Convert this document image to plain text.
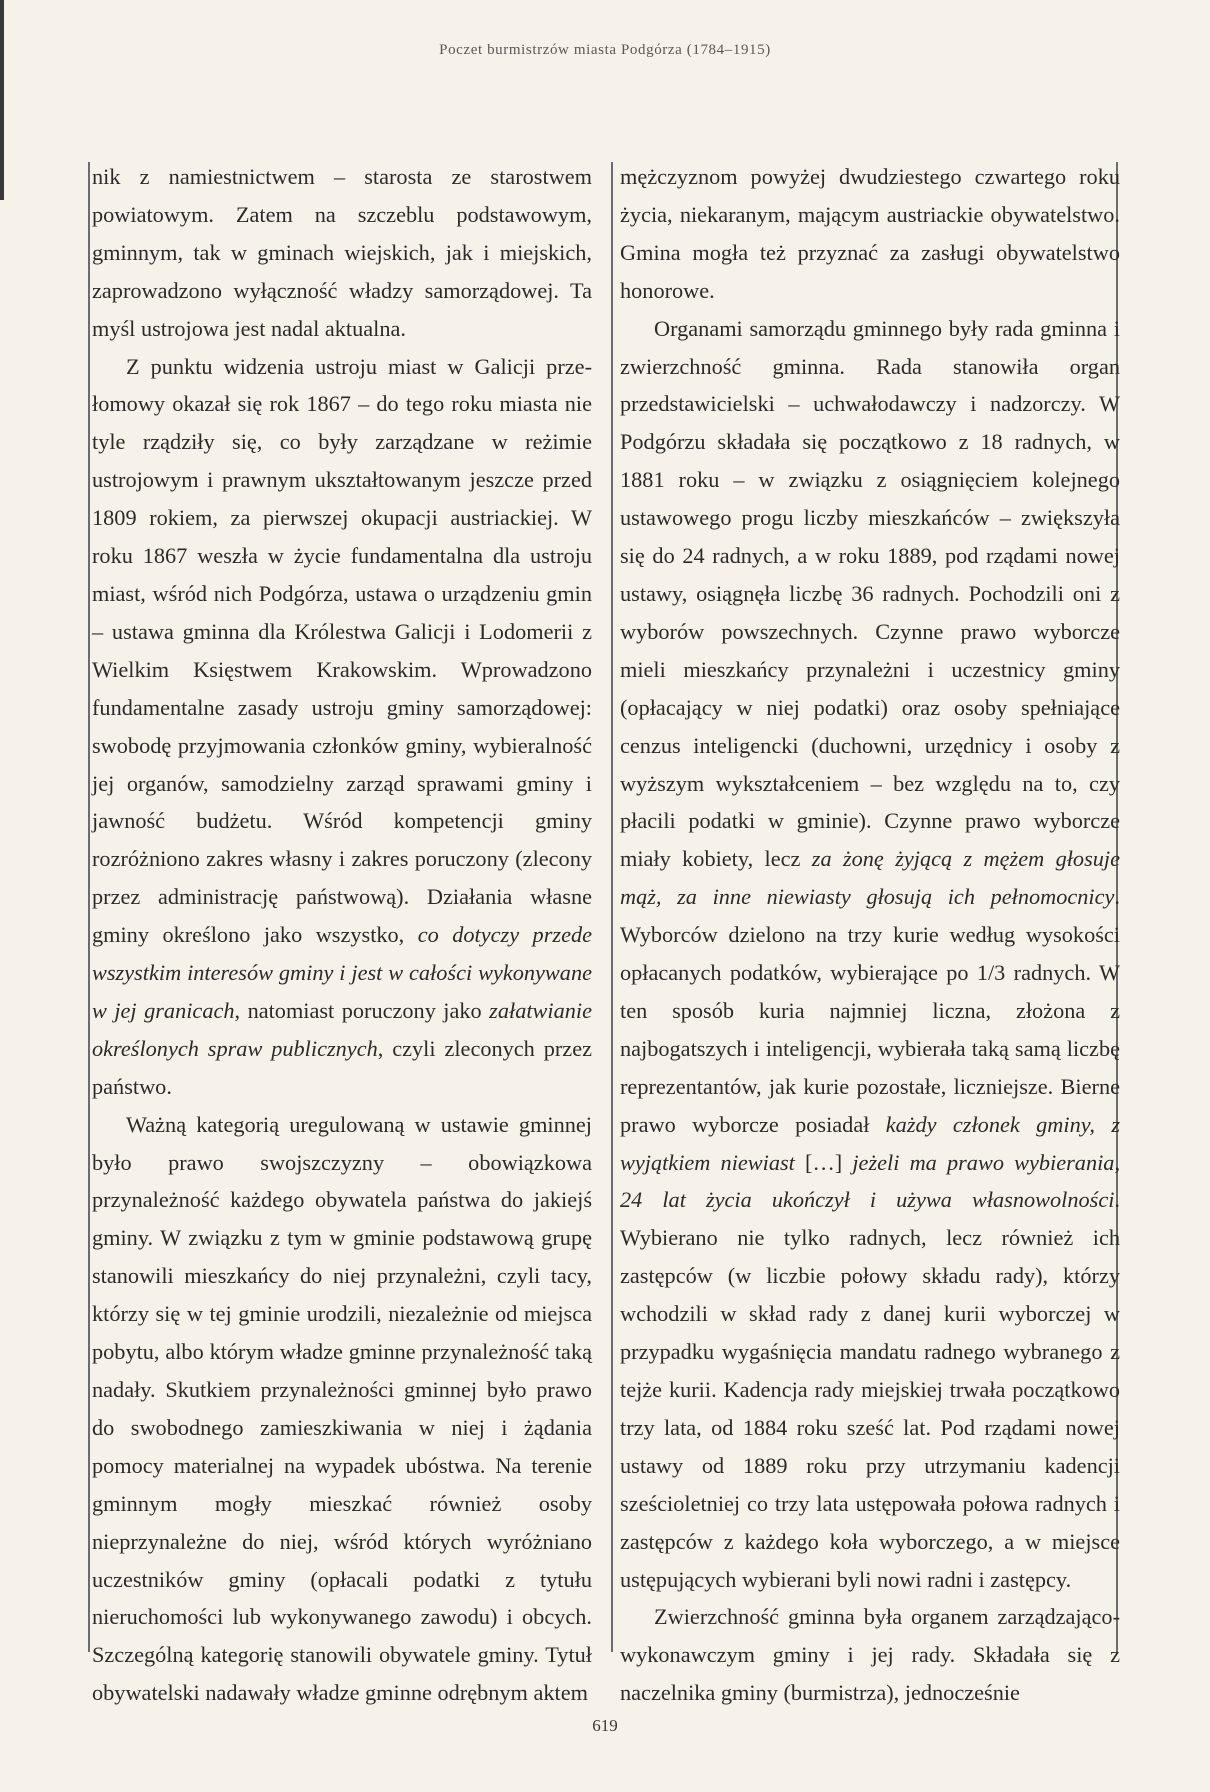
Poczet burmistrzów miasta Podgórza (1784–1915)

nik z namiestnictwem – starosta ze starostwem powiatowym. Zatem na szczeblu podstawowym, gminnym, tak w gminach wiejskich, jak i miejskich, zaprowadzono wyłączność władzy samorządowej. Ta myśl ustrojowa jest nadal aktualna.

Z punktu widzenia ustroju miast w Galicji przełomowy okazał się rok 1867 – do tego roku miasta nie tyle rządziły się, co były zarządzane w reżimie ustrojowym i prawnym ukształtowanym jeszcze przed 1809 rokiem, za pierwszej okupacji austriackiej. W roku 1867 weszła w życie fundamentalna dla ustroju miast, wśród nich Podgórza, ustawa o urządzeniu gmin – ustawa gminna dla Królestwa Galicji i Lodomerii z Wielkim Księstwem Krakowskim. Wprowadzono fundamentalne zasady ustroju gminy samorządowej: swobodę przyjmowania członków gminy, wybieralność jej organów, samodzielny zarząd sprawami gminy i jawność budżetu. Wśród kompetencji gminy rozróżniono zakres własny i zakres poruczony (zlecony przez administrację państwową). Działania własne gminy określono jako wszystko, co dotyczy przede wszystkim interesów gminy i jest w całości wykonywane w jej granicach, natomiast poruczony jako załatwianie określonych spraw publicznych, czyli zleconych przez państwo.

Ważną kategorią uregulowaną w ustawie gminnej było prawo swojszczyzny – obowiązkowa przynależność każdego obywatela państwa do jakiejś gminy. W związku z tym w gminie podstawową grupę stanowili mieszkańcy do niej przynależni, czyli tacy, którzy się w tej gminie urodzili, niezależnie od miejsca pobytu, albo którym władze gminne przynależność taką nadały. Skutkiem przynależności gminnej było prawo do swobodnego zamieszkiwania w niej i żądania pomocy materialnej na wypadek ubóstwa. Na terenie gminnym mogły mieszkać również osoby nieprzynależne do niej, wśród których wyróżniano uczestników gminy (opłacali podatki z tytułu nieruchomości lub wykonywanego zawodu) i obcych. Szczególną kategorię stanowili obywatele gminy. Tytuł obywatelski nadawały władze gminne odrębnym aktem

mężczyznom powyżej dwudziestego czwartego roku życia, niekaranym, mającym austriackie obywatelstwo. Gmina mogła też przyznać za zasługi obywatelstwo honorowe.

Organami samorządu gminnego były rada gminna i zwierzchność gminna. Rada stanowiła organ przedstawicielski – uchwałodawczy i nadzorczy. W Podgórzu składała się początkowo z 18 radnych, w 1881 roku – w związku z osiągnięciem kolejnego ustawowego progu liczby mieszkańców – zwiększyła się do 24 radnych, a w roku 1889, pod rządami nowej ustawy, osiągnęła liczbę 36 radnych. Pochodzili oni z wyborów powszechnych. Czynne prawo wyborcze mieli mieszkańcy przynależni i uczestnicy gminy (opłacający w niej podatki) oraz osoby spełniające cenzus inteligencki (duchowni, urzędnicy i osoby z wyższym wykształceniem – bez względu na to, czy płacili podatki w gminie). Czynne prawo wyborcze miały kobiety, lecz za żonę żyjącą z mężem głosuje mąż, za inne niewiasty głosują ich pełnomocnicy. Wyborców dzielono na trzy kurie według wysokości opłacanych podatków, wybierające po 1/3 radnych. W ten sposób kuria najmniej liczna, złożona z najbogatszych i inteligencji, wybierała taką samą liczbę reprezentantów, jak kurie pozostałe, liczniejsze. Bierne prawo wyborcze posiadał każdy członek gminy, z wyjątkiem niewiast […] jeżeli ma prawo wybierania, 24 lat życia ukończył i używa własnowolności. Wybierano nie tylko radnych, lecz również ich zastępców (w liczbie połowy składu rady), którzy wchodzili w skład rady z danej kurii wyborczej w przypadku wygaśnięcia mandatu radnego wybranego z tejże kurii. Kadencja rady miejskiej trwała początkowo trzy lata, od 1884 roku sześć lat. Pod rządami nowej ustawy od 1889 roku przy utrzymaniu kadencji sześcioletniej co trzy lata ustępowała połowa radnych i zastępców z każdego koła wyborczego, a w miejsce ustępujących wybierani byli nowi radni i zastępcy.

Zwierzchność gminna była organem zarządzająco-wykonawczym gminy i jej rady. Składała się z naczelnika gminy (burmistrza), jednocześnie

619
